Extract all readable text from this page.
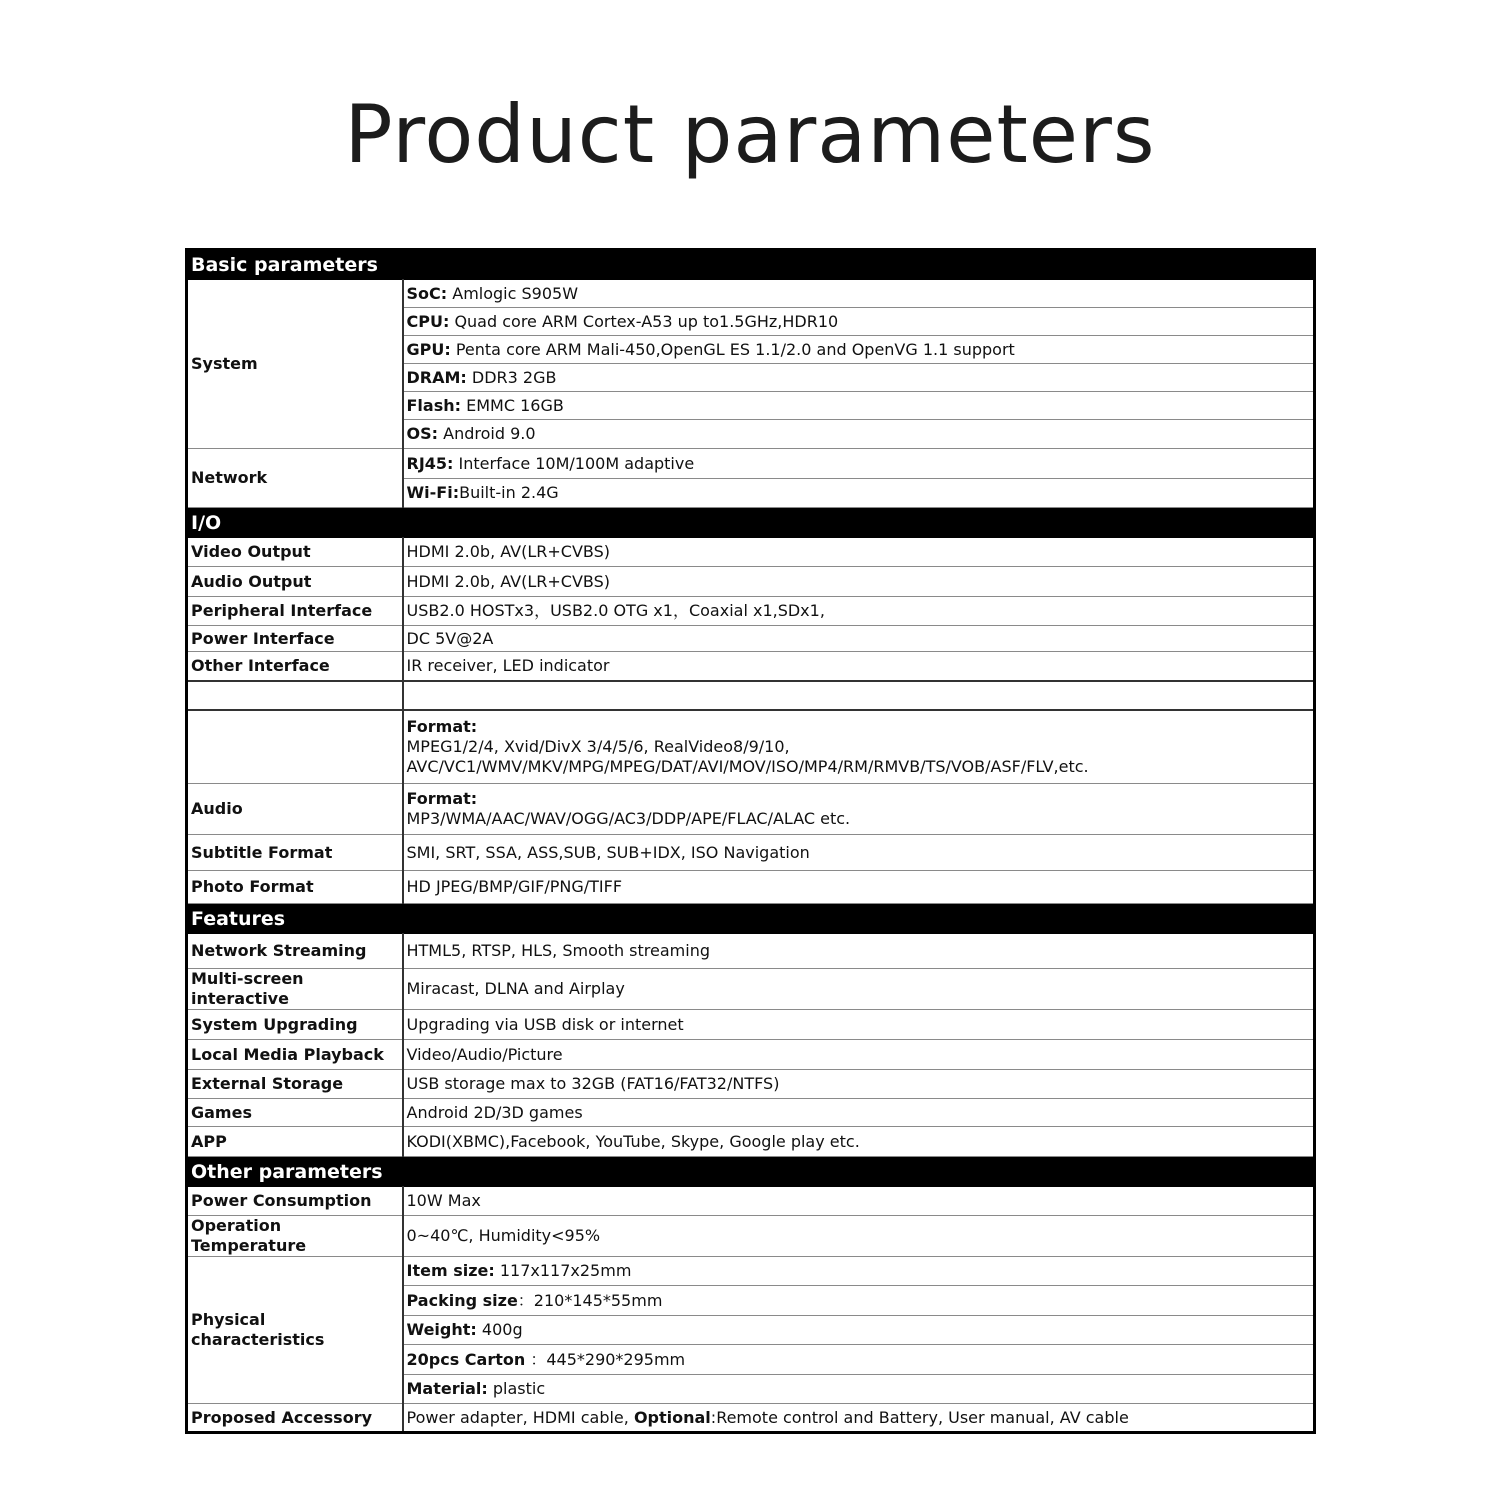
Product parameters
Basic parameters	
System	SoC: Amlogic S905W
	CPU: Quad core ARM Cortex-A53 up to1.5GHz,HDR10
	GPU: Penta core ARM Mali-450,OpenGL ES 1.1/2.0 and OpenVG 1.1 support
	DRAM: DDR3 2GB
	Flash: EMMC 16GB
	OS: Android 9.0
Network	RJ45: Interface 10M/100M adaptive
	Wi-Fi:Built-in 2.4G
I/O	
Video Output	HDMI 2.0b, AV(LR+CVBS)
Audio Output	HDMI 2.0b, AV(LR+CVBS)
Peripheral Interface	USB2.0 HOSTx3，USB2.0 OTG x1，Coaxial x1,SDx1,
Power Interface	DC 5V@2A
Other Interface	IR receiver, LED indicator

	Format:
MPEG1/2/4, Xvid/DivX 3/4/5/6, RealVideo8/9/10,
AVC/VC1/WMV/MKV/MPG/MPEG/DAT/AVI/MOV/ISO/MP4/RM/RMVB/TS/VOB/ASF/FLV,etc.
Audio	Format:
MP3/WMA/AAC/WAV/OGG/AC3/DDP/APE/FLAC/ALAC etc.
Subtitle Format	SMI, SRT, SSA, ASS,SUB, SUB+IDX, ISO Navigation
Photo Format	HD JPEG/BMP/GIF/PNG/TIFF
Features	
Network Streaming	HTML5, RTSP, HLS, Smooth streaming
Multi-screen interactive	Miracast, DLNA and Airplay
System Upgrading	Upgrading via USB disk or internet
Local Media Playback	Video/Audio/Picture
External Storage	USB storage max to 32GB (FAT16/FAT32/NTFS)
Games	Android 2D/3D games
APP	KODI(XBMC),Facebook, YouTube, Skype, Google play etc.
Other parameters	
Power Consumption	10W Max
Operation Temperature	0~40℃, Humidity<95%
Physical characteristics	Item size: 117x117x25mm
	Packing size：210*145*55mm
	Weight: 400g
	20pcs Carton ：445*290*295mm
	Material: plastic
Proposed Accessory	Power adapter, HDMI cable, Optional:Remote control and Battery, User manual, AV cable
